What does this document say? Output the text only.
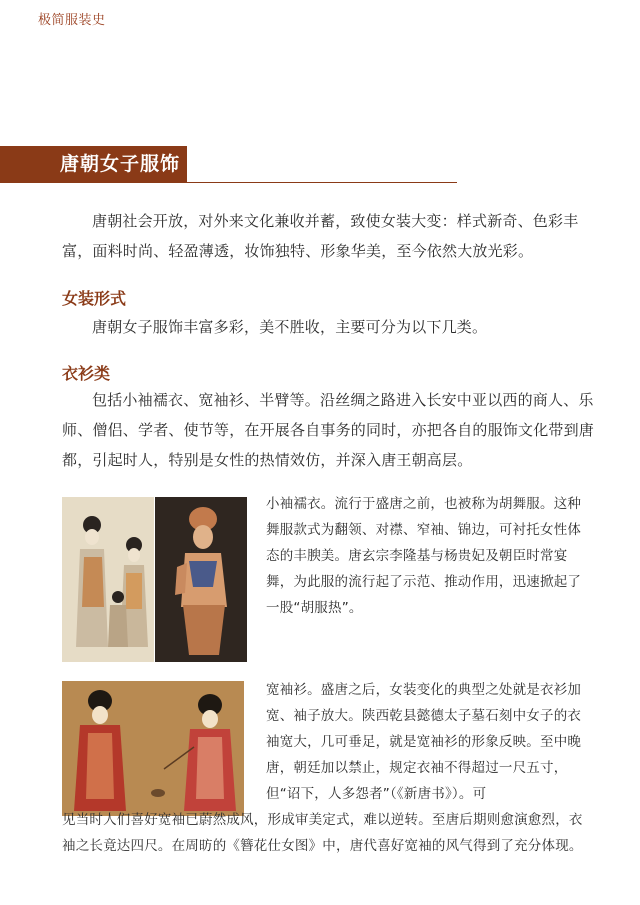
极简服装史
唐朝女子服饰

唐朝社会开放，对外来文化兼收并蓄，致使女装大变：样式新奇、色彩丰富，面料时尚、轻盈薄透，妆饰独特、形象华美，至今依然大放光彩。

女装形式

唐朝女子服饰丰富多彩，美不胜收，主要可分为以下几类。

衣衫类

包括小袖襦衣、宽袖衫、半臂等。沿丝绸之路进入长安中亚以西的商人、乐师、僧侣、学者、使节等，在开展各自事务的同时，亦把各自的服饰文化带到唐都，引起时人，特别是女性的热情效仿，并深入唐王朝高层。

小袖襦衣。流行于盛唐之前，也被称为胡舞服。这种舞服款式为翻领、对襟、窄袖、锦边，可衬托女性体态的丰腴美。唐玄宗李隆基与杨贵妃及朝臣时常宴舞，为此服的流行起了示范、推动作用，迅速掀起了一股“胡服热”。

宽袖衫。盛唐之后，女装变化的典型之处就是衣衫加宽、袖子放大。陕西乾县懿德太子墓石刻中女子的衣袖宽大，几可垂足，就是宽袖衫的形象反映。至中晚唐，朝廷加以禁止，规定衣袖不得超过一尺五寸，但“诏下，人多怨者”（《新唐书》）。可

见当时人们喜好宽袖已蔚然成风，形成审美定式，难以逆转。至唐后期则愈演愈烈，衣袖之长竟达四尺。在周昉的《簪花仕女图》中，唐代喜好宽袖的风气得到了充分体现。
